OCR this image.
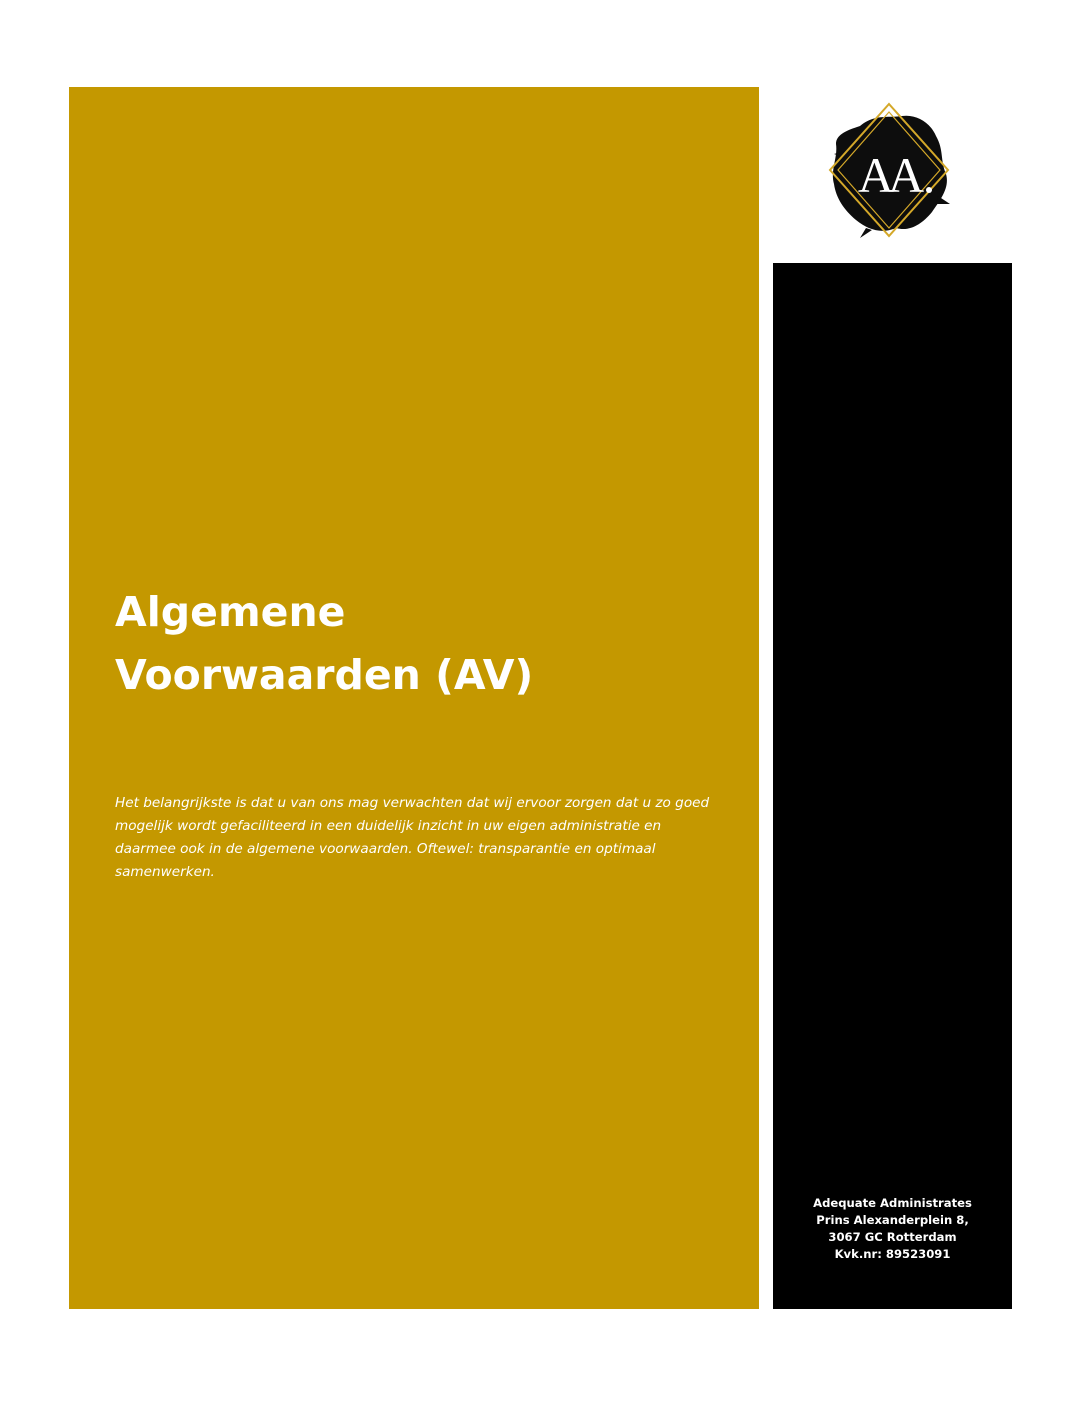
Algemene
Voorwaarden (AV)

Het belangrijkste is dat u van ons mag verwachten dat wij ervoor zorgen dat u zo goed mogelijk wordt gefaciliteerd in een duidelijk inzicht in uw eigen administratie en daarmee ook in de algemene voorwaarden. Oftewel: transparantie en optimaal samenwerken.

AA
Adequate Administrates
Prins Alexanderplein 8,
3067 GC Rotterdam
Kvk.nr: 89523091
